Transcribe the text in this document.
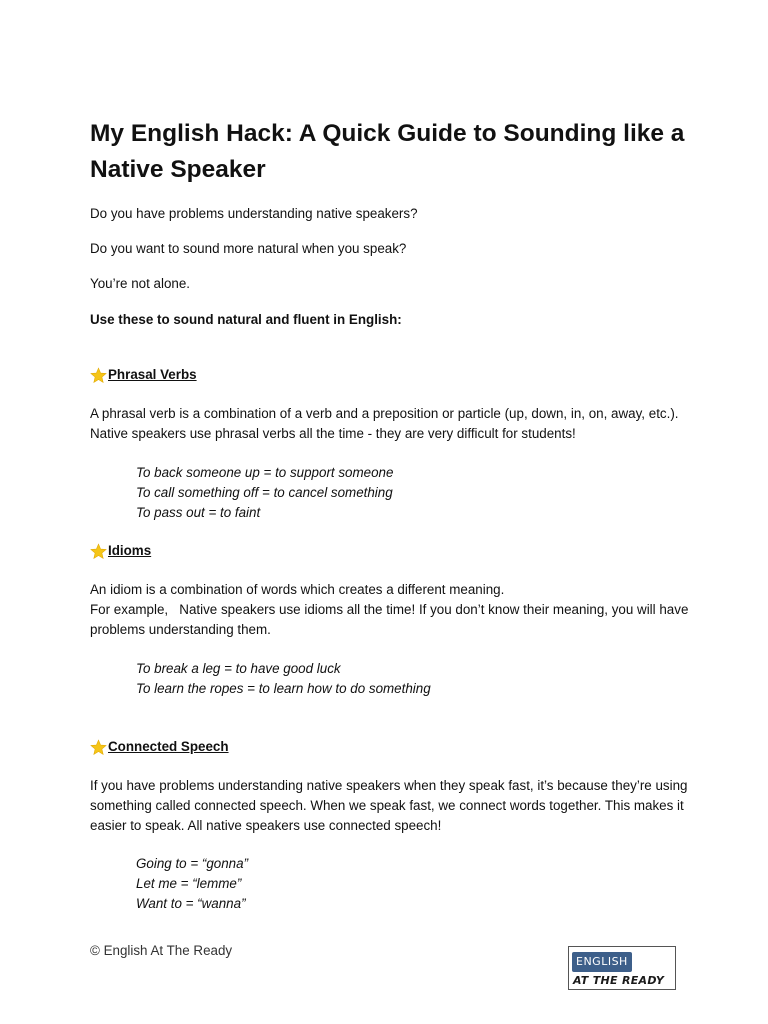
My English Hack: A Quick Guide to Sounding like a Native Speaker

Do you have problems understanding native speakers?

Do you want to sound more natural when you speak?

You’re not alone.

Use these to sound natural and fluent in English:

Phrasal Verbs

A phrasal verb is a combination of a verb and a preposition or particle (up, down, in, on, away, etc.). Native speakers use phrasal verbs all the time - they are very difficult for students!

To back someone up = to support someone
To call something off = to cancel something
To pass out = to faint
Idioms

An idiom is a combination of words which creates a different meaning.

For example,   Native speakers use idioms all the time! If you don’t know their meaning, you will have problems understanding them.

To break a leg = to have good luck
To learn the ropes = to learn how to do something
Connected Speech

If you have problems understanding native speakers when they speak fast, it’s because they’re using something called connected speech. When we speak fast, we connect words together. This makes it easier to speak. All native speakers use connected speech!

Going to = “gonna”
Let me = “lemme”
Want to = “wanna”
© English At The Ready
ENGLISH
AT THE READY
